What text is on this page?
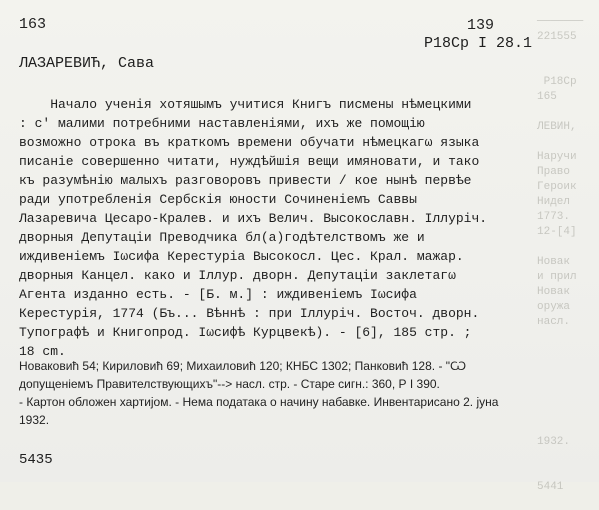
───────
221555

Р18Ср
165

ЛЕВИН,

Наручи
Право
Героик
Нидел
1773.
12-[4]

Новак
и прил
Новак
оружа
насл.

1932.

5441

163	139
Р18Ср I 28.1
ЛАЗАРЕВИЋ, Сава
Начало ученія хотяшымъ учитися Книгъ писмены нѣмецкими
: с' малими потребними наставленіями, ихъ же помощію
возможно отрока въ краткомъ времени обучати нѣмецкагω языка
писаніе совершенно читати, нуждѣйшія вещи имяновати, и тако
къ разумѣнію малыхъ разговоровъ привести / кое нынѣ первѣе
ради употребленія Сербскія юности Сочиненіемъ Саввы
Лазаревича Цесаро-Кралев. и ихъ Велич. Высокославн. Іллуріч.
дворныя Депутаціи Преводчика бл(а)годѣтелствомъ же и
иждивеніемъ Іωсифа Керестуріа Высокосл. Цес. Крал. мажар.
дворныя Канцел. како и Іллур. дворн. Депутаціи заклетагω
Агента изданно есть. - [Б. м.] : иждивеніемъ Іωсифа
Керестурія, 1774 (Бъ... Вѣннѣ : при Іллуріч. Восточ. дворн.
Тупографѣ и Книгопрод. Іωсифѣ Курцвекѣ). - [6], 185 стр. ;
18 cm.
Новаковић 54; Кириловић 69; Михаиловић 120; КНБС 1302; Панковић 128. - "Ѡ
допущеніемъ Правителствующихъ"--> насл. стр. - Старе сигн.: 360, Р I 390.
- Картон обложен хартијом. - Нема података о начину набавке. Инвентарисано 2. јуна
1932.
5435
